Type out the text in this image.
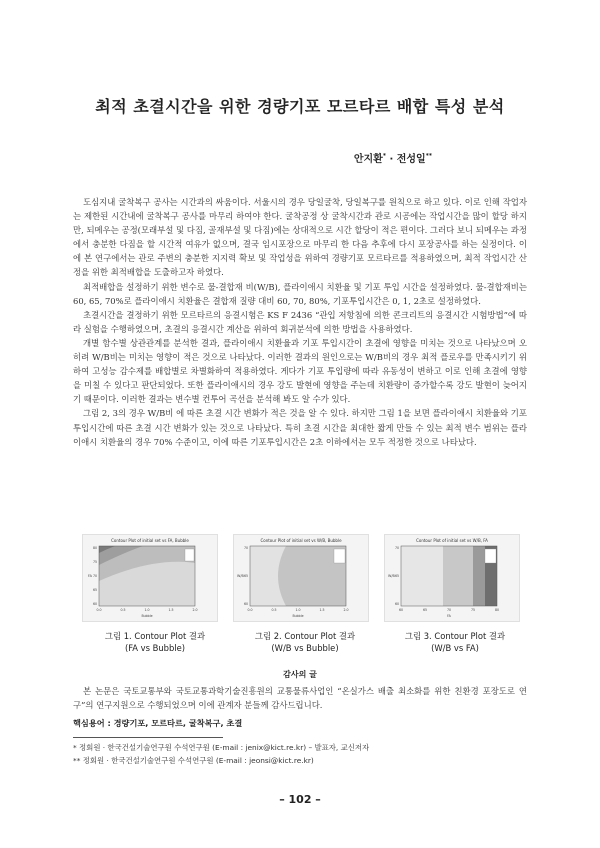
최적 초결시간을 위한 경량기포 모르타르 배합 특성 분석
안지환* · 전성일**

도심지내 굴착복구 공사는 시간과의 싸움이다. 서울시의 경우 당일굴착, 당일복구를 원칙으로 하고 있다. 이로 인해 작업자는 제한된 시간내에 굴착복구 공사를 마무리 하여야 한다. 굴착공정 상 굴착시간과 관로 시공에는 작업시간을 많이 할당 하지만, 되메우는 공정(모래부설 및 다짐, 골재부설 및 다짐)에는 상대적으로 시간 할당이 적은 편이다. 그러다 보니 되메우는 과정에서 충분한 다짐을 할 시간적 여유가 없으며, 결국 임시포장으로 마무리 한 다음 추후에 다시 포장공사를 하는 실정이다. 이에 본 연구에서는 관로 주변의 충분한 지지력 확보 및 작업성을 위하여 경량기포 모르타르를 적용하였으며, 최적 작업시간 산정을 위한 최적배합을 도출하고자 하였다.

최적배합을 설정하기 위한 변수로 물-결합재 비(W/B), 플라이애시 치환율 및 기포 투입 시간을 설정하였다. 물-결합재비는 60, 65, 70%로 플라이애시 치환율은 결합재 질량 대비 60, 70, 80%, 기포투입시간은 0, 1, 2초로 설정하였다.

초결시간을 결정하기 위한 모르타르의 응결시험은 KS F 2436 “관입 저항침에 의한 콘크리트의 응결시간 시험방법”에 따라 실험을 수행하였으며, 초결의 응결시간 계산을 위하여 회귀분석에 의한 방법을 사용하였다.

개별 함수별 상관관계를 분석한 결과, 플라이애시 치환율과 기포 투입시간이 초결에 영향을 미치는 것으로 나타났으며 오히려 W/B비는 미치는 영향이 적은 것으로 나타났다. 이러한 결과의 원인으로는 W/B비의 경우 최적 플로우를 만족시키기 위하여 고성능 감수제를 배합별로 차별화하여 적용하였다. 게다가 기포 투입량에 따라 유동성이 변하고 이로 인해 초결에 영향을 미칠 수 있다고 판단되었다. 또한 플라이애시의 경우 강도 발현에 영향을 주는데 치환량이 증가할수록 강도 발현이 늦어지기 때문이다. 이러한 결과는 변수별 컨투어 곡선을 분석해 봐도 알 수가 있다.

그림 2, 3의 경우 W/B비 에 따른 초결 시간 변화가 적은 것을 알 수 있다. 하지만 그림 1을 보면 플라이애시 치환율와 기포투입시간에 따른 초결 시간 변화가 있는 것으로 나타났다. 특히 초결 시간을 최대한 짧게 만들 수 있는 최적 변수 범위는 플라이애시 치환율의 경우 70% 수준이고, 이에 따른 기포투입시간은 2초 이하에서는 모두 적정한 것으로 나타났다.

Contour Plot of initial set vs FA, Bubble
0.0	0.5	1.0	1.5	2.0
Bubble
80
75
70
65
60
FA
Contour Plot of initial set vs W/B, Bubble
0.0	0.5	1.0	1.5	2.0
Bubble
70
65
60
W/B
Contour Plot of initial set vs W/B, FA
60	65	70	75	80
FA
70
65
60
W/B
그림 1. Contour Plot 결과
(FA vs Bubble)
그림 2. Contour Plot 결과
(W/B vs Bubble)
그림 3. Contour Plot 결과
(W/B vs FA)
감사의 글
본 논문은 국토교통부와 국토교통과학기술진흥원의 교통물류사업인 “온실가스 배출 최소화를 위한 친환경 포장도로 연구”의 연구지원으로 수행되었으며 이에 관계자 분들께 감사드립니다.
핵심용어 : 경량기포, 모르타르, 굴착복구, 초결
* 정회원 · 한국건설기술연구원 수석연구원 (E-mail : jenix@kict.re.kr) – 발표자, 교신저자
** 정회원 · 한국건설기술연구원 수석연구원 (E-mail : jeonsi@kict.re.kr)
– 102 –
